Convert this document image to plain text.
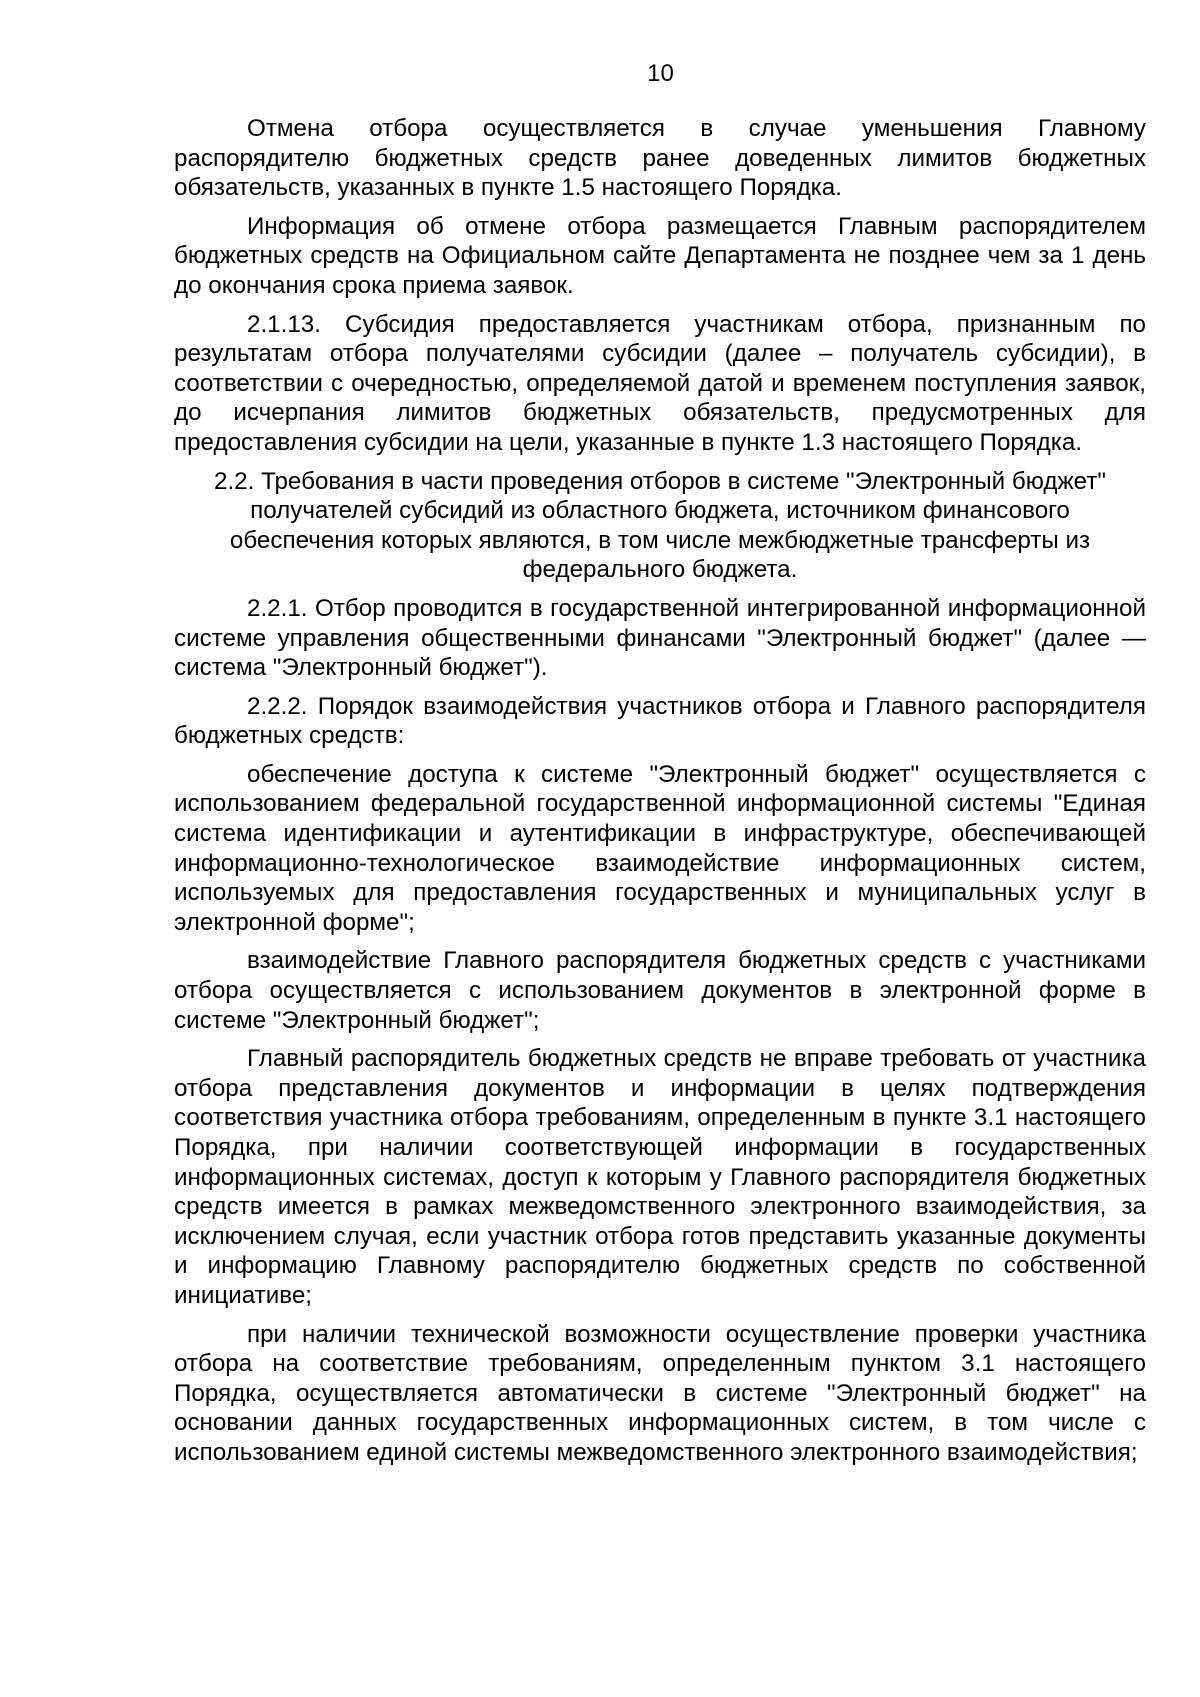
10

Отмена отбора осуществляется в случае уменьшения Главному распорядителю бюджетных средств ранее доведенных лимитов бюджетных обязательств, указанных в пункте 1.5 настоящего Порядка.

Информация об отмене отбора размещается Главным распорядителем бюджетных средств на Официальном сайте Департамента не позднее чем за 1 день до окончания срока приема заявок.

2.1.13. Субсидия предоставляется участникам отбора, признанным по результатам отбора получателями субсидии (далее – получатель субсидии), в соответствии с очередностью, определяемой датой и временем поступления заявок, до исчерпания лимитов бюджетных обязательств, предусмотренных для предоставления субсидии на цели, указанные в пункте 1.3 настоящего Порядка.

2.2. Требования в части проведения отборов в системе "Электронный бюджет" получателей субсидий из областного бюджета, источником финансового обеспечения которых являются, в том числе межбюджетные трансферты из федерального бюджета.

2.2.1. Отбор проводится в государственной интегрированной информационной системе управления общественными финансами "Электронный бюджет" (далее — система "Электронный бюджет").

2.2.2. Порядок взаимодействия участников отбора и Главного распорядителя бюджетных средств:

обеспечение доступа к системе "Электронный бюджет" осуществляется с использованием федеральной государственной информационной системы "Единая система идентификации и аутентификации в инфраструктуре, обеспечивающей информационно-технологическое взаимодействие информационных систем, используемых для предоставления государственных и муниципальных услуг в электронной форме";

взаимодействие Главного распорядителя бюджетных средств с участниками отбора осуществляется с использованием документов в электронной форме в системе "Электронный бюджет";

Главный распорядитель бюджетных средств не вправе требовать от участника отбора представления документов и информации в целях подтверждения соответствия участника отбора требованиям, определенным в пункте 3.1 настоящего Порядка, при наличии соответствующей информации в государственных информационных системах, доступ к которым у Главного распорядителя бюджетных средств имеется в рамках межведомственного электронного взаимодействия, за исключением случая, если участник отбора готов представить указанные документы и информацию Главному распорядителю бюджетных средств по собственной инициативе;

при наличии технической возможности осуществление проверки участника отбора на соответствие требованиям, определенным пунктом 3.1 настоящего Порядка, осуществляется автоматически в системе "Электронный бюджет" на основании данных государственных информационных систем, в том числе с использованием единой системы межведомственного электронного взаимодействия;
